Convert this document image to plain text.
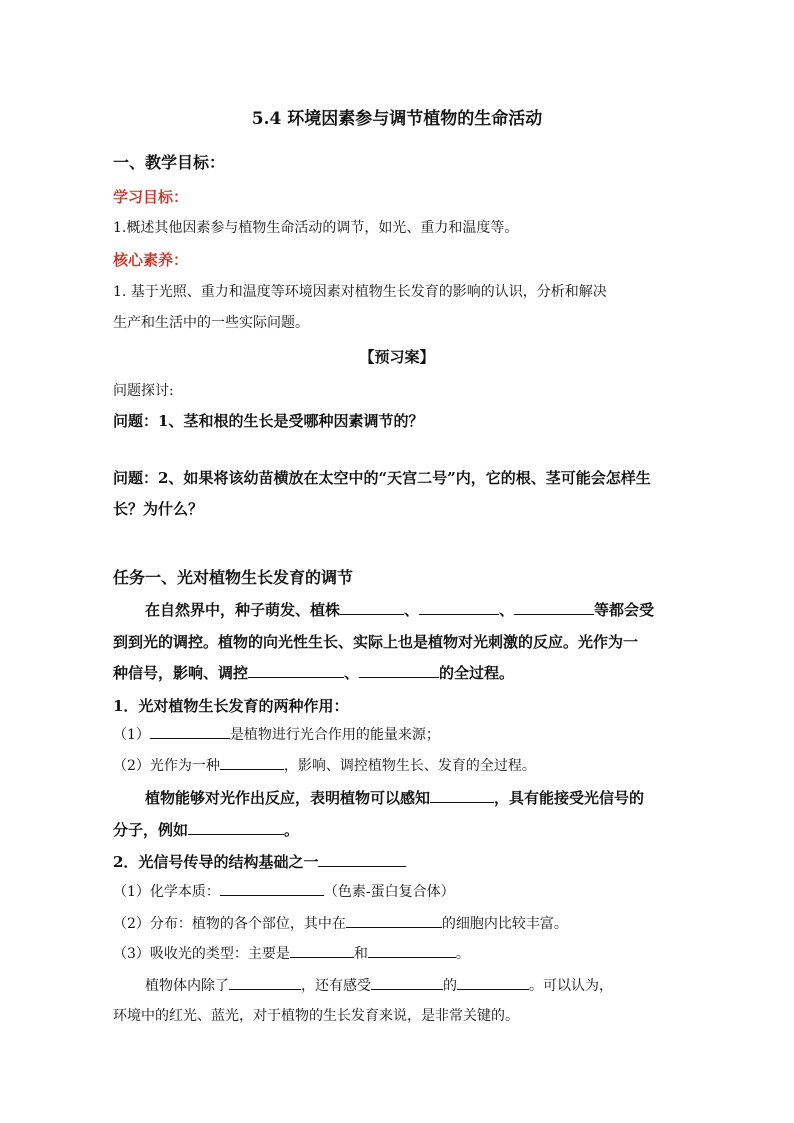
5.4 环境因素参与调节植物的生命活动
一、教学目标：
学习目标：
1.概述其他因素参与植物生命活动的调节，如光、重力和温度等。
核心素养：
1. 基于光照、重力和温度等环境因素对植物生长发育的影响的认识，分析和解决
生产和生活中的一些实际问题。
【预习案】
问题探讨:
问题：1、茎和根的生长是受哪种因素调节的？
问题：2、如果将该幼苗横放在太空中的“天宫二号”内，它的根、茎可能会怎样生
长？为什么？
任务一、光对植物生长发育的调节
在自然界中，种子萌发、植株	、	、	等都会受
到到光的调控。植物的向光性生长、实际上也是植物对光刺激的反应。光作为一
种信号，影响、调控	、	的全过程。
1．光对植物生长发育的两种作用：
（1）	是植物进行光合作用的能量来源；
（2）光作为一种	，影响、调控植物生长、发育的全过程。
植物能够对光作出反应，表明植物可以感知	，具有能接受光信号的
分子，例如	。
2．光信号传导的结构基础之一
（1）化学本质：	（色素-蛋白复合体）
（2）分布：植物的各个部位，其中在	的细胞内比较丰富。
（3）吸收光的类型：主要是	和	。
植物体内除了	，还有感受	的	。可以认为，
环境中的红光、蓝光，对于植物的生长发育来说，是非常关键的。
